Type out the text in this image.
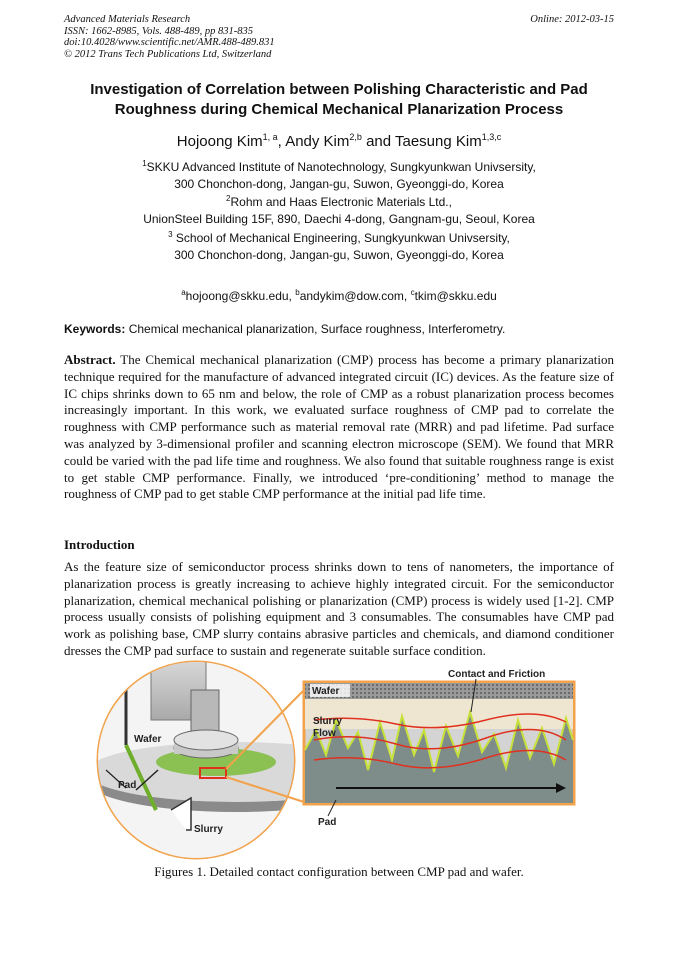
Advanced Materials Research
ISSN: 1662-8985, Vols. 488-489, pp 831-835
doi:10.4028/www.scientific.net/AMR.488-489.831
© 2012 Trans Tech Publications Ltd, Switzerland
Online: 2012-03-15
Investigation of Correlation between Polishing Characteristic and Pad
Roughness during Chemical Mechanical Planarization Process
Hojoong Kim$^{1, a}$, Andy Kim$^{2,b}$ and Taesung Kim$^{1,3,c}$
$^1$SKKU Advanced Institute of Nanotechnology, Sungkyunkwan Univsersity,
300 Chonchon-dong, Jangan-gu, Suwon, Gyeonggi-do, Korea
$^2$Rohm and Haas Electronic Materials Ltd.,
UnionSteel Building 15F, 890, Daechi 4-dong, Gangnam-gu, Seoul, Korea
$^3$ School of Mechanical Engineering, Sungkyunkwan Univsersity,
300 Chonchon-dong, Jangan-gu, Suwon, Gyeonggi-do, Korea
$^a$hojoong@skku.edu, $^b$andykim@dow.com, $^c$tkim@skku.edu
Keywords: Chemical mechanical planarization, Surface roughness, Interferometry.
Abstract. The Chemical mechanical planarization (CMP) process has become a primary planarization technique required for the manufacture of advanced integrated circuit (IC) devices. As the feature size of IC chips shrinks down to 65 nm and below, the role of CMP as a robust planarization process becomes increasingly important. In this work, we evaluated surface roughness of CMP pad to correlate the roughness with CMP performance such as material removal rate (MRR) and pad lifetime. Pad surface was analyzed by 3-dimensional profiler and scanning electron microscope (SEM). We found that MRR could be varied with the pad life time and roughness. We also found that suitable roughness range is exist to get stable CMP performance. Finally, we introduced ‘pre-conditioning’ method to manage the roughness of CMP pad to get stable CMP performance at the initial pad life time.
Introduction
As the feature size of semiconductor process shrinks down to tens of nanometers, the importance of planarization process is greatly increasing to achieve highly integrated circuit. For the semiconductor planarization, chemical mechanical polishing or planarization (CMP) process is widely used [1-2]. CMP process usually consists of polishing equipment and 3 consumables. The consumables have CMP pad work as polishing base, CMP slurry contains abrasive particles and chemicals, and diamond conditioner dresses the CMP pad surface to sustain and regenerate suitable surface condition.
Wafer
Pad
Slurry
Wafer
Contact and Friction
Slurry
Flow
Pad
Figures 1. Detailed contact configuration between CMP pad and wafer.
